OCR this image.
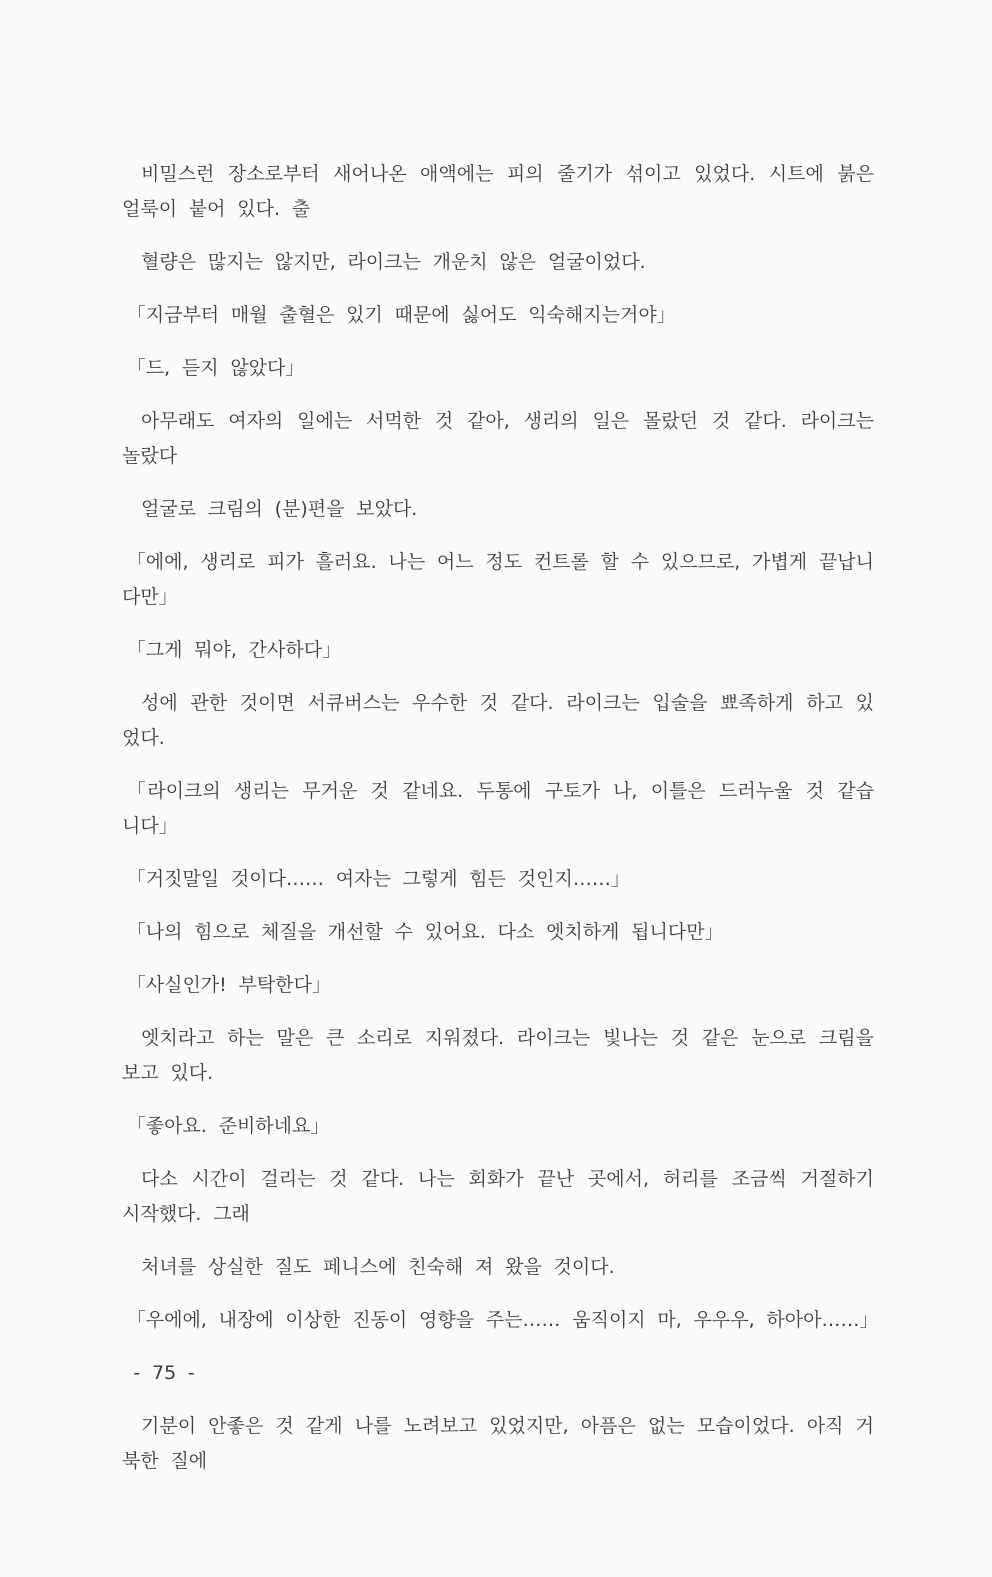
비밀스런 장소로부터 새어나온 애액에는 피의 줄기가 섞이고 있었다. 시트에 붉은 얼룩이 붙어 있다. 출

혈량은 많지는 않지만, 라이크는 개운치 않은 얼굴이었다.

「지금부터 매월 출혈은 있기 때문에 싫어도 익숙해지는거야」

「드, 듣지 않았다」

아무래도 여자의 일에는 서먹한 것 같아, 생리의 일은 몰랐던 것 같다. 라이크는 놀랐다

얼굴로 크림의 (분)편을 보았다.

「에에, 생리로 피가 흘러요. 나는 어느 정도 컨트롤 할 수 있으므로, 가볍게 끝납니다만」

「그게 뭐야, 간사하다」

성에 관한 것이면 서큐버스는 우수한 것 같다. 라이크는 입술을 뾰족하게 하고 있었다.

「라이크의 생리는 무거운 것 같네요. 두통에 구토가 나, 이틀은 드러누울 것 같습니다」

「거짓말일 것이다…… 여자는 그렇게 힘든 것인지……」

「나의 힘으로 체질을 개선할 수 있어요. 다소 엣치하게 됩니다만」

「사실인가! 부탁한다」

엣치라고 하는 말은 큰 소리로 지워졌다. 라이크는 빛나는 것 같은 눈으로 크림을 보고 있다.

「좋아요. 준비하네요」

다소 시간이 걸리는 것 같다. 나는 회화가 끝난 곳에서, 허리를 조금씩 거절하기 시작했다. 그래

처녀를 상실한 질도 페니스에 친숙해 져 왔을 것이다.

「우에에, 내장에 이상한 진동이 영향을 주는…… 움직이지 마, 우우우, 하아아……」

- 75 -

기분이 안좋은 것 같게 나를 노려보고 있었지만, 아픔은 없는 모습이었다. 아직 거북한 질에
